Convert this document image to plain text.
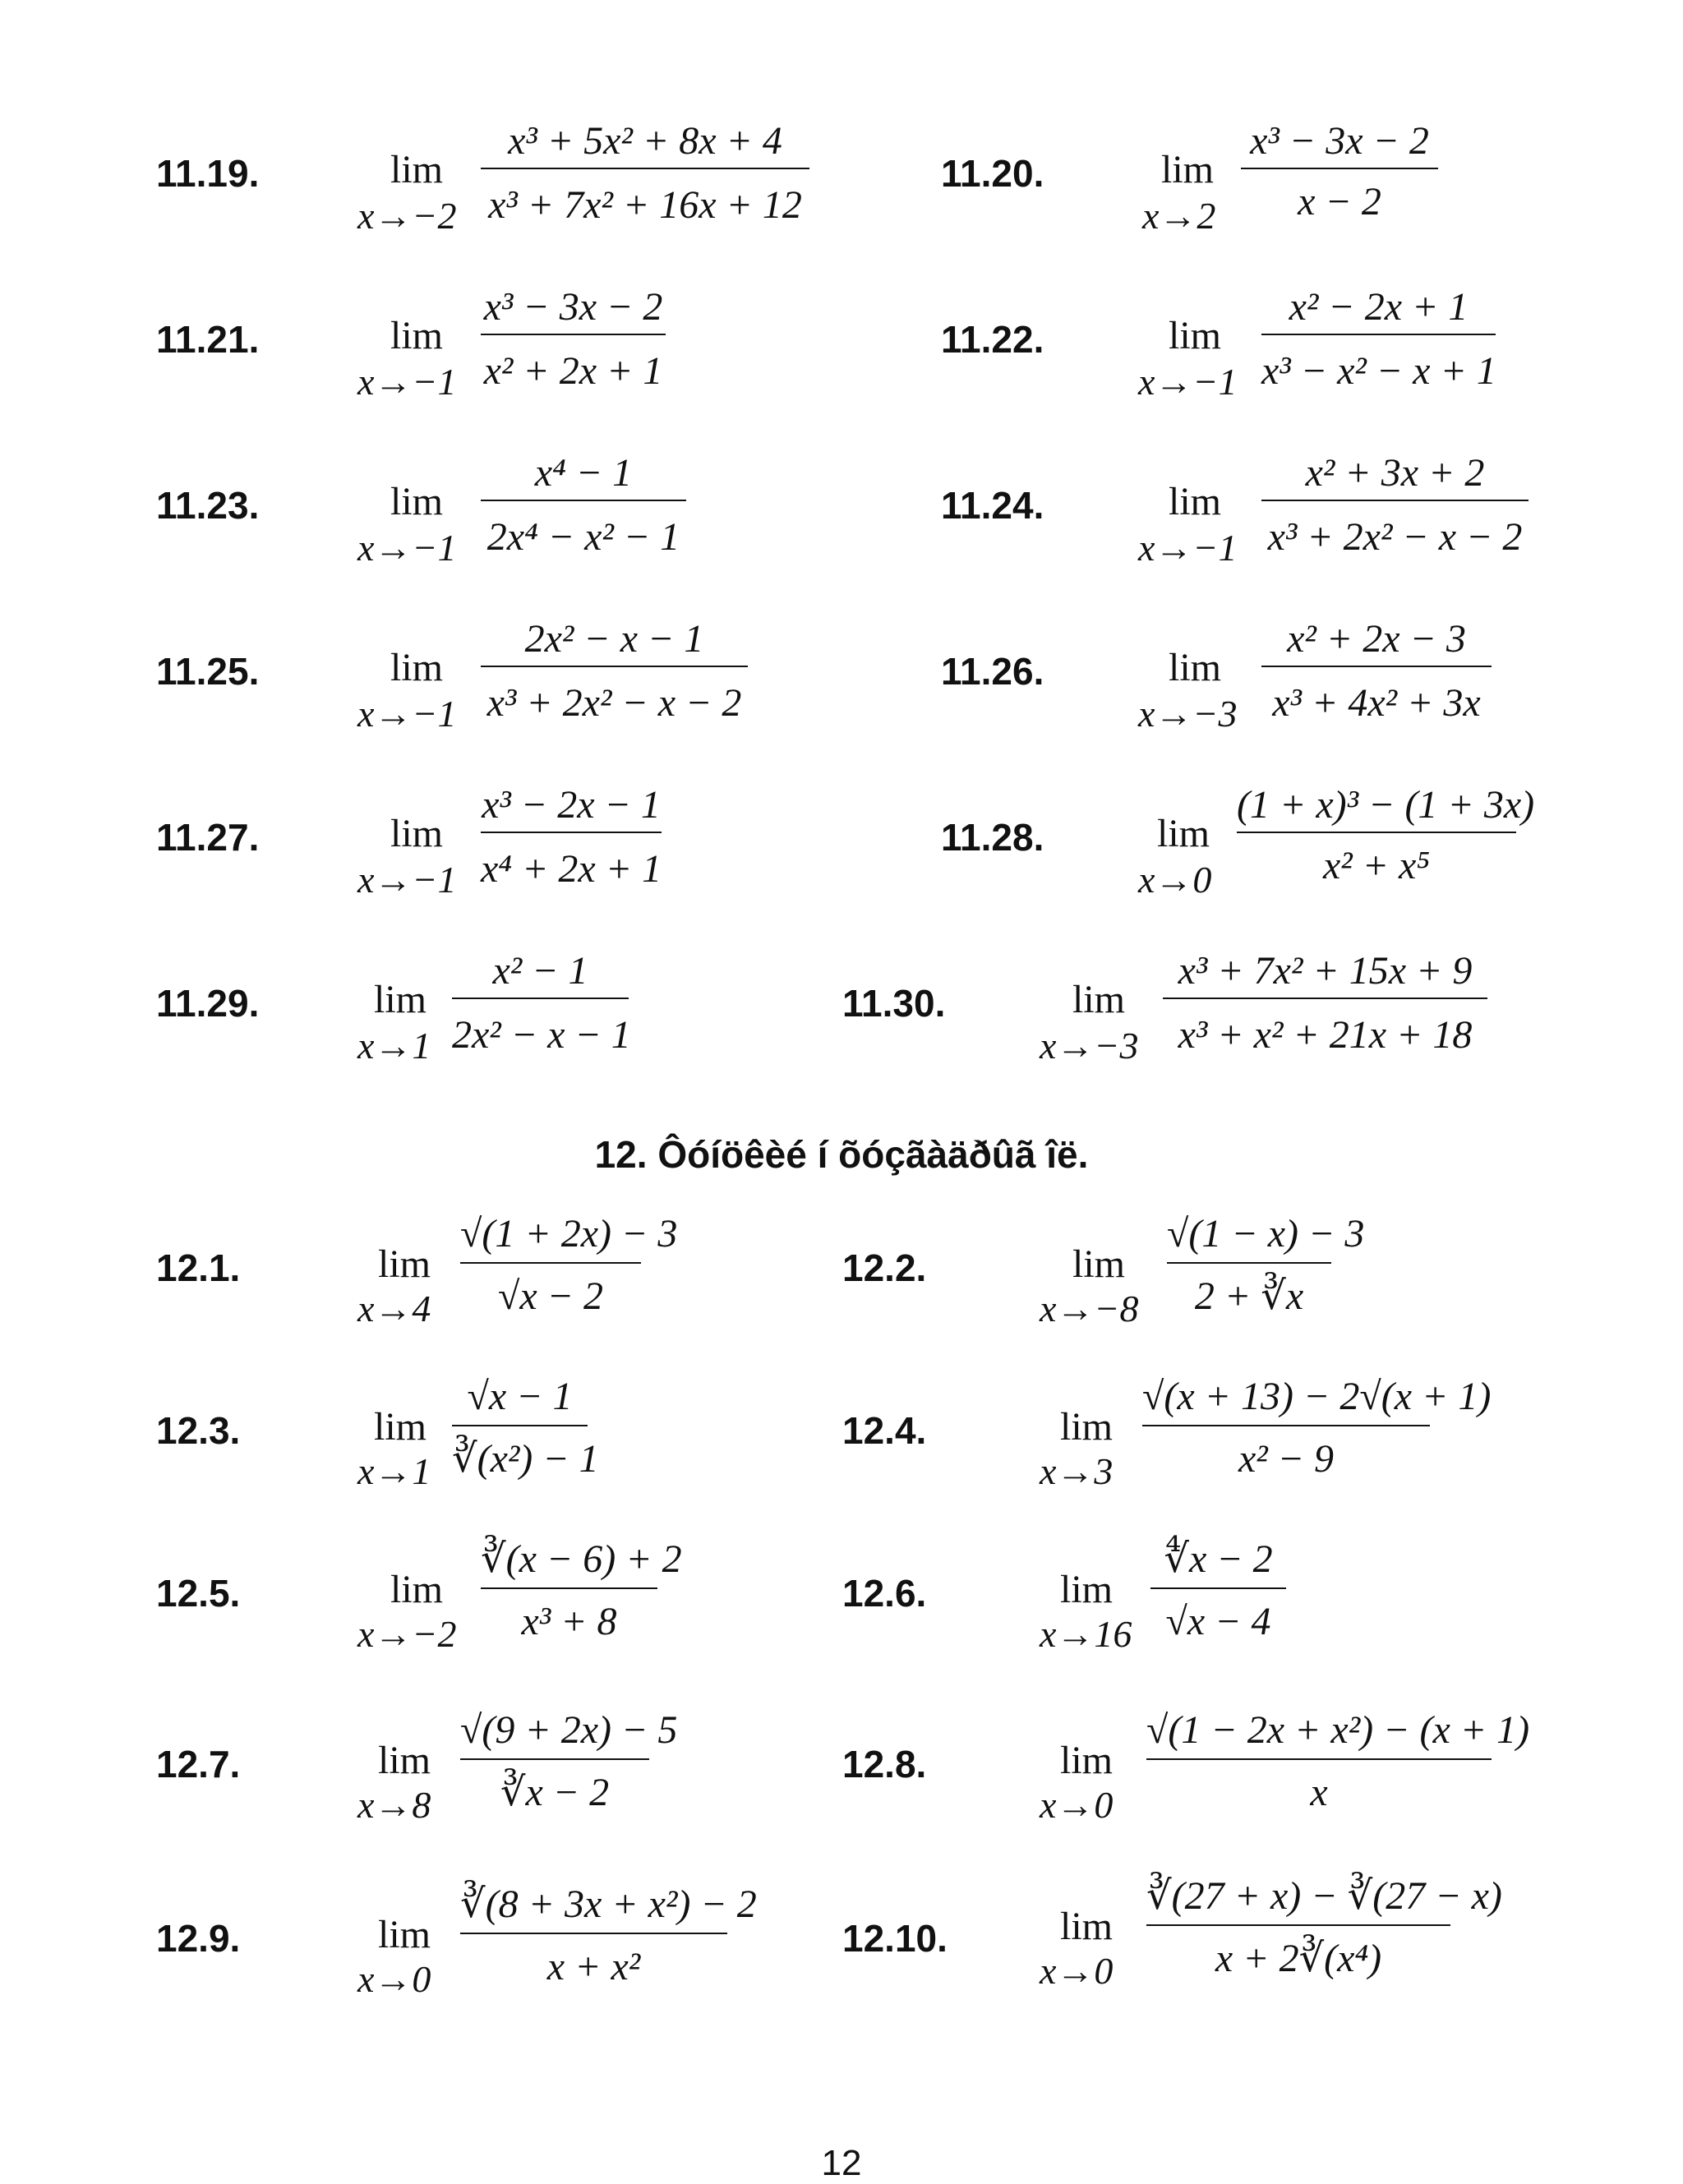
11.19.	lim
x→−2
x³ + 5x² + 8x + 4
x³ + 7x² + 16x + 12
11.20.	lim
x→2
x³ − 3x − 2
x − 2
11.21.	lim
x→−1
x³ − 3x − 2
x² + 2x + 1
11.22.	lim
x→−1
x² − 2x + 1
x³ − x² − x + 1
11.23.	lim
x→−1
x⁴ − 1
2x⁴ − x² − 1
11.24.	lim
x→−1
x² + 3x + 2
x³ + 2x² − x − 2
11.25.	lim
x→−1
2x² − x − 1
x³ + 2x² − x − 2
11.26.	lim
x→−3
x² + 2x − 3
x³ + 4x² + 3x
11.27.	lim
x→−1
x³ − 2x − 1
x⁴ + 2x + 1
11.28.	lim
x→0
(1 + x)³ − (1 + 3x)
x² + x⁵
11.29.	lim
x→1
x² − 1
2x² − x − 1
11.30.	lim
x→−3
x³ + 7x² + 15x + 9
x³ + x² + 21x + 18
12. Ôóíöêèé í õóçãàäðûã îë.
12.1.	lim
x→4
√(1 + 2x) − 3
√x − 2
12.2.	lim
x→−8
√(1 − x) − 3
2 + ∛x
12.3.	lim
x→1
√x − 1
∛(x²) − 1
12.4.	lim
x→3
√(x + 13) − 2√(x + 1)
x² − 9
12.5.	lim
x→−2
∛(x − 6) + 2
x³ + 8
12.6.	lim
x→16
∜x − 2
√x − 4
12.7.	lim
x→8
√(9 + 2x) − 5
∛x − 2
12.8.	lim
x→0
√(1 − 2x + x²) − (x + 1)
x
12.9.	lim
x→0
∛(8 + 3x + x²) − 2
x + x²
12.10.	lim
x→0
∛(27 + x) − ∛(27 − x)
x + 2∛(x⁴)
12
